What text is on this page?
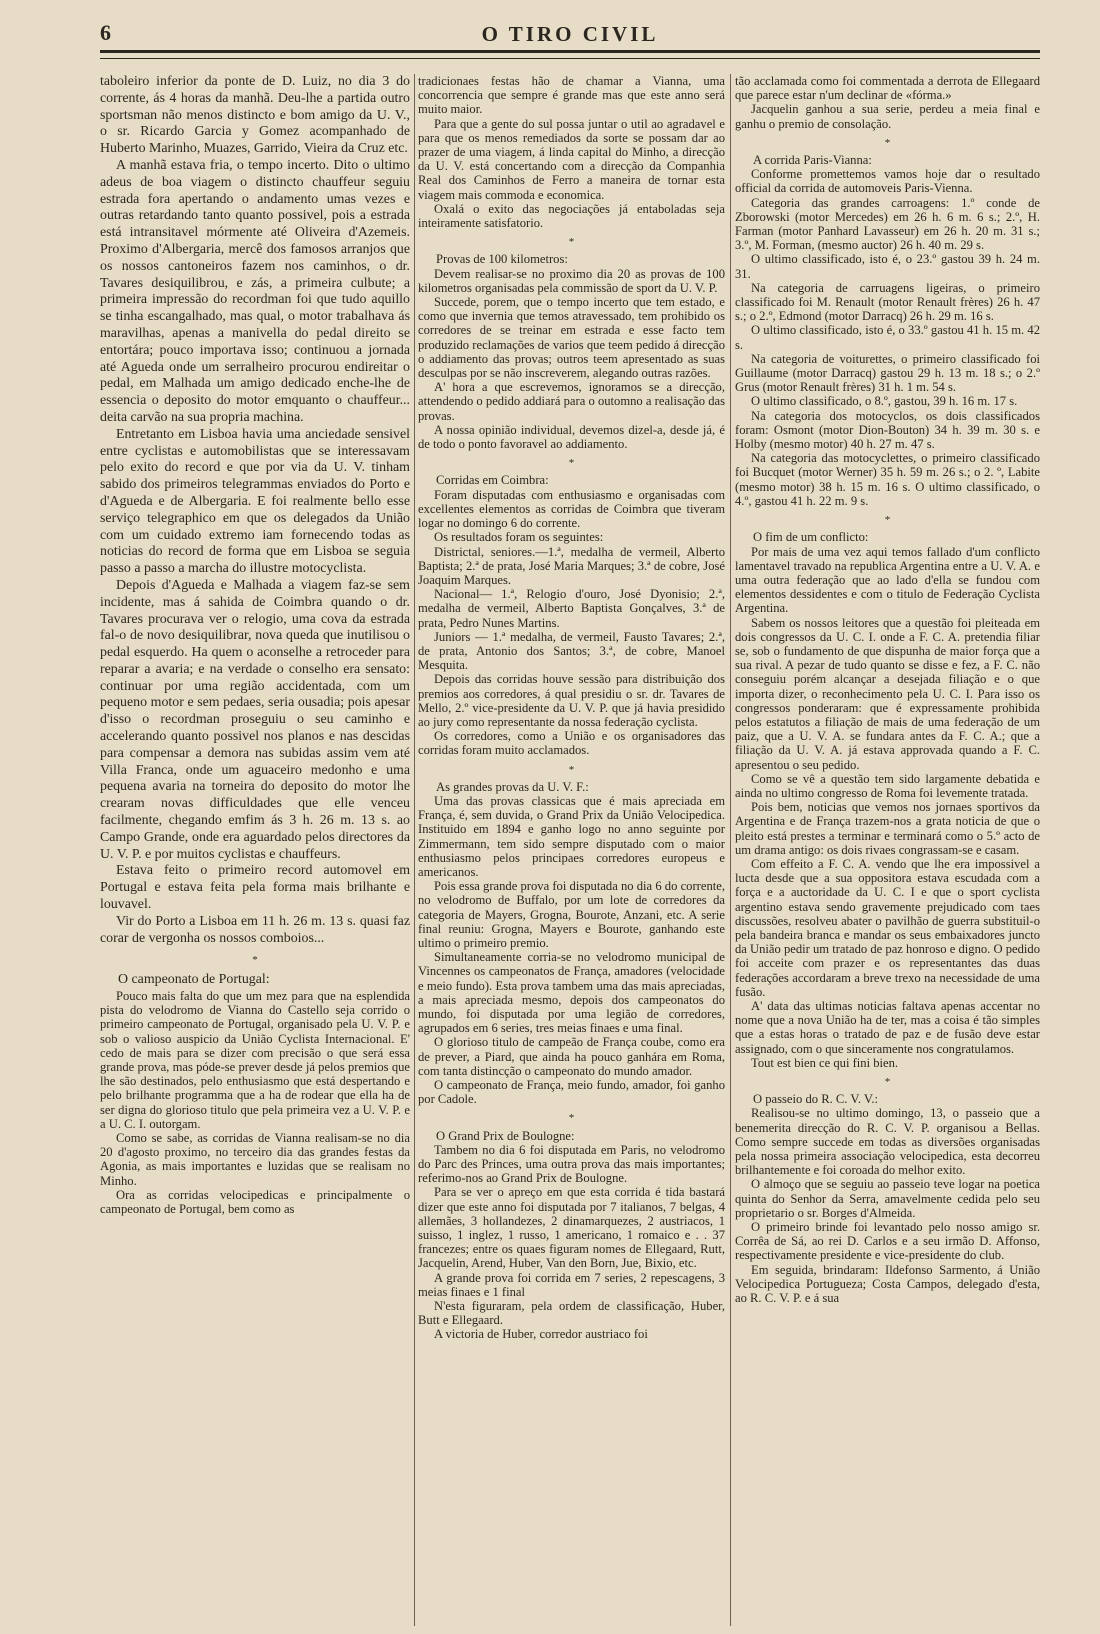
6	O TIRO CIVIL

taboleiro inferior da ponte de D. Luiz, no dia 3 do corrente, ás 4 horas da manhã. Deu-lhe a partida outro sportsman não menos distincto e bom amigo da U. V., o sr. Ricardo Garcia y Gomez acompanhado de Huberto Marinho, Muazes, Garrido, Vieira da Cruz etc.

A manhã estava fria, o tempo incerto. Dito o ultimo adeus de boa viagem o distincto chauffeur seguiu estrada fora apertando o andamento umas vezes e outras retardando tanto quanto possivel, pois a estrada está intransitavel mórmente até Oliveira d'Azemeis. Proximo d'Albergaria, mercê dos famosos arranjos que os nossos cantoneiros fazem nos caminhos, o dr. Tavares desiquilibrou, e zás, a primeira culbute; a primeira impressão do recordman foi que tudo aquillo se tinha escangalhado, mas qual, o motor trabalhava ás maravilhas, apenas a manivella do pedal direito se entortára; pouco importava isso; continuou a jornada até Agueda onde um serralheiro procurou endireitar o pedal, em Malhada um amigo dedicado enche-lhe de essencia o deposito do motor emquanto o chauffeur... deita carvão na sua propria machina.

Entretanto em Lisboa havia uma anciedade sensivel entre cyclistas e automobilistas que se interessavam pelo exito do record e que por via da U. V. tinham sabido dos primeiros telegrammas enviados do Porto e d'Agueda e de Albergaria. E foi realmente bello esse serviço telegraphico em que os delegados da União com um cuidado extremo iam fornecendo todas as noticias do record de forma que em Lisboa se seguia passo a passo a marcha do illustre motocyclista.

Depois d'Agueda e Malhada a viagem faz-se sem incidente, mas á sahida de Coimbra quando o dr. Tavares procurava ver o relogio, uma cova da estrada fal-o de novo desiquilibrar, nova queda que inutilisou o pedal esquerdo. Ha quem o aconselhe a retroceder para reparar a avaria; e na verdade o conselho era sensato: continuar por uma região accidentada, com um pequeno motor e sem pedaes, seria ousadia; pois apesar d'isso o recordman proseguiu o seu caminho e accelerando quanto possivel nos planos e nas descidas para compensar a demora nas subidas assim vem até Villa Franca, onde um aguaceiro medonho e uma pequena avaria na torneira do deposito do motor lhe crearam novas difficuldades que elle venceu facilmente, chegando emfim ás 3 h. 26 m. 13 s. ao Campo Grande, onde era aguardado pelos directores da U. V. P. e por muitos cyclistas e chauffeurs.

Estava feito o primeiro record automovel em Portugal e estava feita pela forma mais brilhante e louvavel.

Vir do Porto a Lisboa em 11 h. 26 m. 13 s. quasi faz corar de vergonha os nossos comboios...

*

O campeonato de Portugal:

Pouco mais falta do que um mez para que na esplendida pista do velodromo de Vianna do Castello seja corrido o primeiro campeonato de Portugal, organisado pela U. V. P. e sob o valioso auspicio da União Cyclista Internacional. E' cedo de mais para se dizer com precisão o que será essa grande prova, mas póde-se prever desde já pelos premios que lhe são destinados, pelo enthusiasmo que está despertando e pelo brilhante programma que a ha de rodear que ella ha de ser digna do glorioso titulo que pela primeira vez a U. V. P. e a U. C. I. outorgam.

Como se sabe, as corridas de Vianna realisam-se no dia 20 d'agosto proximo, no terceiro dia das grandes festas da Agonia, as mais importantes e luzidas que se realisam no Minho.

Ora as corridas velocipedicas e principalmente o campeonato de Portugal, bem como as

tradicionaes festas hão de chamar a Vianna, uma concorrencia que sempre é grande mas que este anno será muito maior.

Para que a gente do sul possa juntar o util ao agradavel e para que os menos remediados da sorte se possam dar ao prazer de uma viagem, á linda capital do Minho, a direcção da U. V. está concertando com a direcção da Companhia Real dos Caminhos de Ferro a maneira de tornar esta viagem mais commoda e economica.

Oxalá o exito das negociações já entaboladas seja inteiramente satisfatorio.

*

Provas de 100 kilometros:

Devem realisar-se no proximo dia 20 as provas de 100 kilometros organisadas pela commissão de sport da U. V. P.

Succede, porem, que o tempo incerto que tem estado, e como que invernia que temos atravessado, tem prohibido os corredores de se treinar em estrada e esse facto tem produzido reclamações de varios que teem pedido á direcção o addiamento das provas; outros teem apresentado as suas desculpas por se não inscreverem, alegando outras razões.

A' hora a que escrevemos, ignoramos se a direcção, attendendo o pedido addiará para o outomno a realisação das provas.

A nossa opinião individual, devemos dizel-a, desde já, é de todo o ponto favoravel ao addiamento.

*

Corridas em Coimbra:

Foram disputadas com enthusiasmo e organisadas com excellentes elementos as corridas de Coimbra que tiveram logar no domingo 6 do corrente.

Os resultados foram os seguintes:

Districtal, seniores.—1.ª, medalha de vermeil, Alberto Baptista; 2.ª de prata, José Maria Marques; 3.ª de cobre, José Joaquim Marques.

Nacional— 1.ª, Relogio d'ouro, José Dyonisio; 2.ª, medalha de vermeil, Alberto Baptista Gonçalves, 3.ª de prata, Pedro Nunes Martins.

Juniors — 1.ª medalha, de vermeil, Fausto Tavares; 2.ª, de prata, Antonio dos Santos; 3.ª, de cobre, Manoel Mesquita.

Depois das corridas houve sessão para distribuição dos premios aos corredores, á qual presidiu o sr. dr. Tavares de Mello, 2.º vice-presidente da U. V. P. que já havia presidido ao jury como representante da nossa federação cyclista.

Os corredores, como a União e os organisadores das corridas foram muito acclamados.

*

As grandes provas da U. V. F.:

Uma das provas classicas que é mais apreciada em França, é, sem duvida, o Grand Prix da União Velocipedica. Instituido em 1894 e ganho logo no anno seguinte por Zimmermann, tem sido sempre disputado com o maior enthusiasmo pelos principaes corredores europeus e americanos.

Pois essa grande prova foi disputada no dia 6 do corrente, no velodromo de Buffalo, por um lote de corredores da categoria de Mayers, Grogna, Bourote, Anzani, etc. A serie final reuniu: Grogna, Mayers e Bourote, ganhando este ultimo o primeiro premio.

Simultaneamente corria-se no velodromo municipal de Vincennes os campeonatos de França, amadores (velocidade e meio fundo). Esta prova tambem uma das mais apreciadas, a mais apreciada mesmo, depois dos campeonatos do mundo, foi disputada por uma legião de corredores, agrupados em 6 series, tres meias finaes e uma final.

O glorioso titulo de campeão de França coube, como era de prever, a Piard, que ainda ha pouco ganhára em Roma, com tanta distincção o campeonato do mundo amador.

O campeonato de França, meio fundo, amador, foi ganho por Cadole.

*

O Grand Prix de Boulogne:

Tambem no dia 6 foi disputada em Paris, no velodromo do Parc des Princes, uma outra prova das mais importantes; referimo-nos ao Grand Prix de Boulogne.

Para se ver o apreço em que esta corrida é tida bastará dizer que este anno foi disputada por 7 italianos, 7 belgas, 4 allemães, 3 hollandezes, 2 dinamarquezes, 2 austriacos, 1 suisso, 1 inglez, 1 russo, 1 americano, 1 romaico e . . 37 francezes; entre os quaes figuram nomes de Ellegaard, Rutt, Jacquelin, Arend, Huber, Van den Born, Jue, Bixio, etc.

A grande prova foi corrida em 7 series, 2 repescagens, 3 meias finaes e 1 final

N'esta figuraram, pela ordem de classificação, Huber, Butt e Ellegaard.

A victoria de Huber, corredor austriaco foi

tão acclamada como foi commentada a derrota de Ellegaard que parece estar n'um declinar de «fórma.»

Jacquelin ganhou a sua serie, perdeu a meia final e ganhu o premio de consolação.

*

A corrida Paris-Vianna:

Conforme promettemos vamos hoje dar o resultado official da corrida de automoveis Paris-Vienna.

Categoria das grandes carroagens: 1.º conde de Zborowski (motor Mercedes) em 26 h. 6 m. 6 s.; 2.º, H. Farman (motor Panhard Lavasseur) em 26 h. 20 m. 31 s.; 3.º, M. Forman, (mesmo auctor) 26 h. 40 m. 29 s.

O ultimo classificado, isto é, o 23.º gastou 39 h. 24 m. 31.

Na categoria de carruagens ligeiras, o primeiro classificado foi M. Renault (motor Renault frères) 26 h. 47 s.; o 2.º, Edmond (motor Darracq) 26 h. 29 m. 16 s.

O ultimo classificado, isto é, o 33.º gastou 41 h. 15 m. 42 s.

Na categoria de voiturettes, o primeiro classificado foi Guillaume (motor Darracq) gastou 29 h. 13 m. 18 s.; o 2.º Grus (motor Renault frères) 31 h. 1 m. 54 s.

O ultimo classificado, o 8.º, gastou, 39 h. 16 m. 17 s.

Na categoria dos motocyclos, os dois classificados foram: Osmont (motor Dion-Bouton) 34 h. 39 m. 30 s. e Holby (mesmo motor) 40 h. 27 m. 47 s.

Na categoria das motocyclettes, o primeiro classificado foi Bucquet (motor Werner) 35 h. 59 m. 26 s.; o 2. º, Labite (mesmo motor) 38 h. 15 m. 16 s. O ultimo classificado, o 4.º, gastou 41 h. 22 m. 9 s.

*

O fim de um conflicto:

Por mais de uma vez aqui temos fallado d'um conflicto lamentavel travado na republica Argentina entre a U. V. A. e uma outra federação que ao lado d'ella se fundou com elementos dessidentes e com o titulo de Federação Cyclista Argentina.

Sabem os nossos leitores que a questão foi pleiteada em dois congressos da U. C. I. onde a F. C. A. pretendia filiar se, sob o fundamento de que dispunha de maior força que a sua rival. A pezar de tudo quanto se disse e fez, a F. C. não conseguiu porém alcançar a desejada filiação e o que importa dizer, o reconhecimento pela U. C. I. Para isso os congressos ponderaram: que é expressamente prohibida pelos estatutos a filiação de mais de uma federação de um paiz, que a U. V. A. se fundara antes da F. C. A.; que a filiação da U. V. A. já estava approvada quando a F. C. apresentou o seu pedido.

Como se vê a questão tem sido largamente debatida e ainda no ultimo congresso de Roma foi levemente tratada.

Pois bem, noticias que vemos nos jornaes sportivos da Argentina e de França trazem-nos a grata noticia de que o pleito está prestes a terminar e terminará como o 5.º acto de um drama antigo: os dois rivaes congrassam-se e casam.

Com effeito a F. C. A. vendo que lhe era impossivel a lucta desde que a sua oppositora estava escudada com a força e a auctoridade da U. C. I e que o sport cyclista argentino estava sendo gravemente prejudicado com taes discussões, resolveu abater o pavilhão de guerra substituil-o pela bandeira branca e mandar os seus embaixadores juncto da União pedir um tratado de paz honroso e digno. O pedido foi acceite com prazer e os representantes das duas federações accordaram a breve trexo na necessidade de uma fusão.

A' data das ultimas noticias faltava apenas accentar no nome que a nova União ha de ter, mas a coisa é tão simples que a estas horas o tratado de paz e de fusão deve estar assignado, com o que sinceramente nos congratulamos.

Tout est bien ce qui fini bien.

*

O passeio do R. C. V. V.:

Realisou-se no ultimo domingo, 13, o passeio que a benemerita direcção do R. C. V. P. organisou a Bellas. Como sempre succede em todas as diversões organisadas pela nossa primeira associação velocipedica, esta decorreu brilhantemente e foi coroada do melhor exito.

O almoço que se seguiu ao passeio teve logar na poetica quinta do Senhor da Serra, amavelmente cedida pelo seu proprietario o sr. Borges d'Almeida.

O primeiro brinde foi levantado pelo nosso amigo sr. Corrêa de Sá, ao rei D. Carlos e a seu irmão D. Affonso, respectivamente presidente e vice-presidente do club.

Em seguida, brindaram: Ildefonso Sarmento, á União Velocipedica Portugueza; Costa Campos, delegado d'esta, ao R. C. V. P. e á sua
